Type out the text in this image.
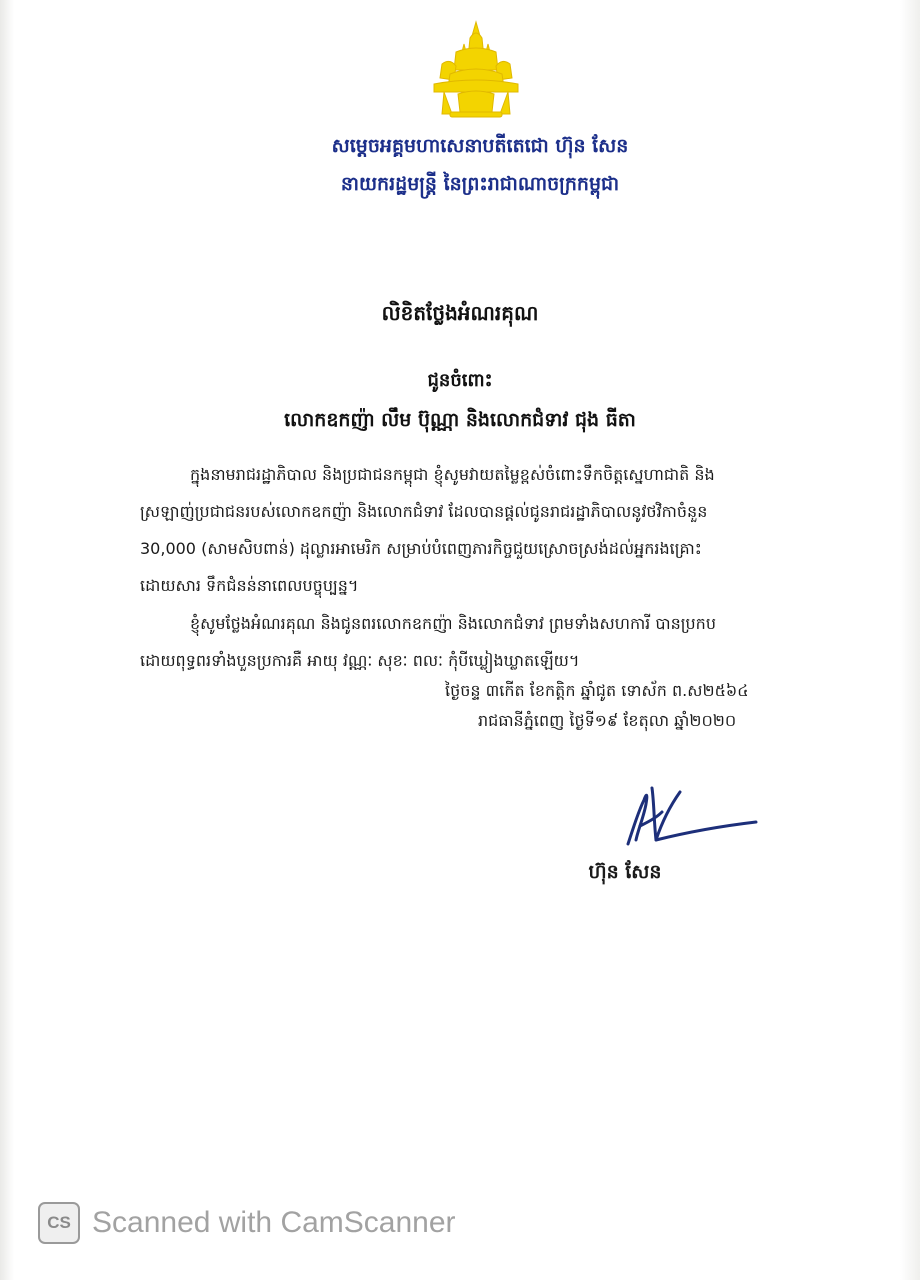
សម្តេចអគ្គមហាសេនាបតីតេជោ ហ៊ុន សែន
នាយករដ្ឋមន្ត្រី នៃព្រះរាជាណាចក្រកម្ពុជា
លិខិតថ្លែងអំណរគុណ
ជូនចំពោះ
លោកឧកញ៉ា លឹម ប៊ុណ្ណា និងលោកជំទាវ ជុង ធីតា
ក្នុងនាមរាជរដ្ឋាភិបាល និងប្រជាជនកម្ពុជា ខ្ញុំសូមវាយតម្លៃខ្ពស់ចំពោះទឹកចិត្តស្នេហាជាតិ និង
ស្រឡាញ់ប្រជាជនរបស់លោកឧកញ៉ា និងលោកជំទាវ ដែលបានផ្តល់ជូនរាជរដ្ឋាភិបាលនូវថវិកាចំនួន
30,000 (សាមសិបពាន់) ដុល្លារអាមេរិក សម្រាប់បំពេញភារកិច្ចជួយស្រោចស្រង់ដល់អ្នករងគ្រោះ
ដោយសារ ទឹកជំនន់នាពេលបច្ចុប្បន្ន។
ខ្ញុំសូមថ្លែងអំណរគុណ និងជូនពរលោកឧកញ៉ា និងលោកជំទាវ ព្រមទាំងសហការី បានប្រកប
ដោយពុទ្ធពរទាំងបួនប្រការគឺ អាយុ វណ្ណៈ សុខៈ ពលៈ កុំបីឃ្លៀងឃ្លាតឡើយ។
ថ្ងៃចន្ទ ៣កើត ខែកត្តិក ឆ្នាំជូត ទោស័ក ព.ស២៥៦៤
រាជធានីភ្នំពេញ ថ្ងៃទី១៩ ខែតុលា ឆ្នាំ២០២០
ហ៊ុន សែន
CS Scanned with CamScanner
